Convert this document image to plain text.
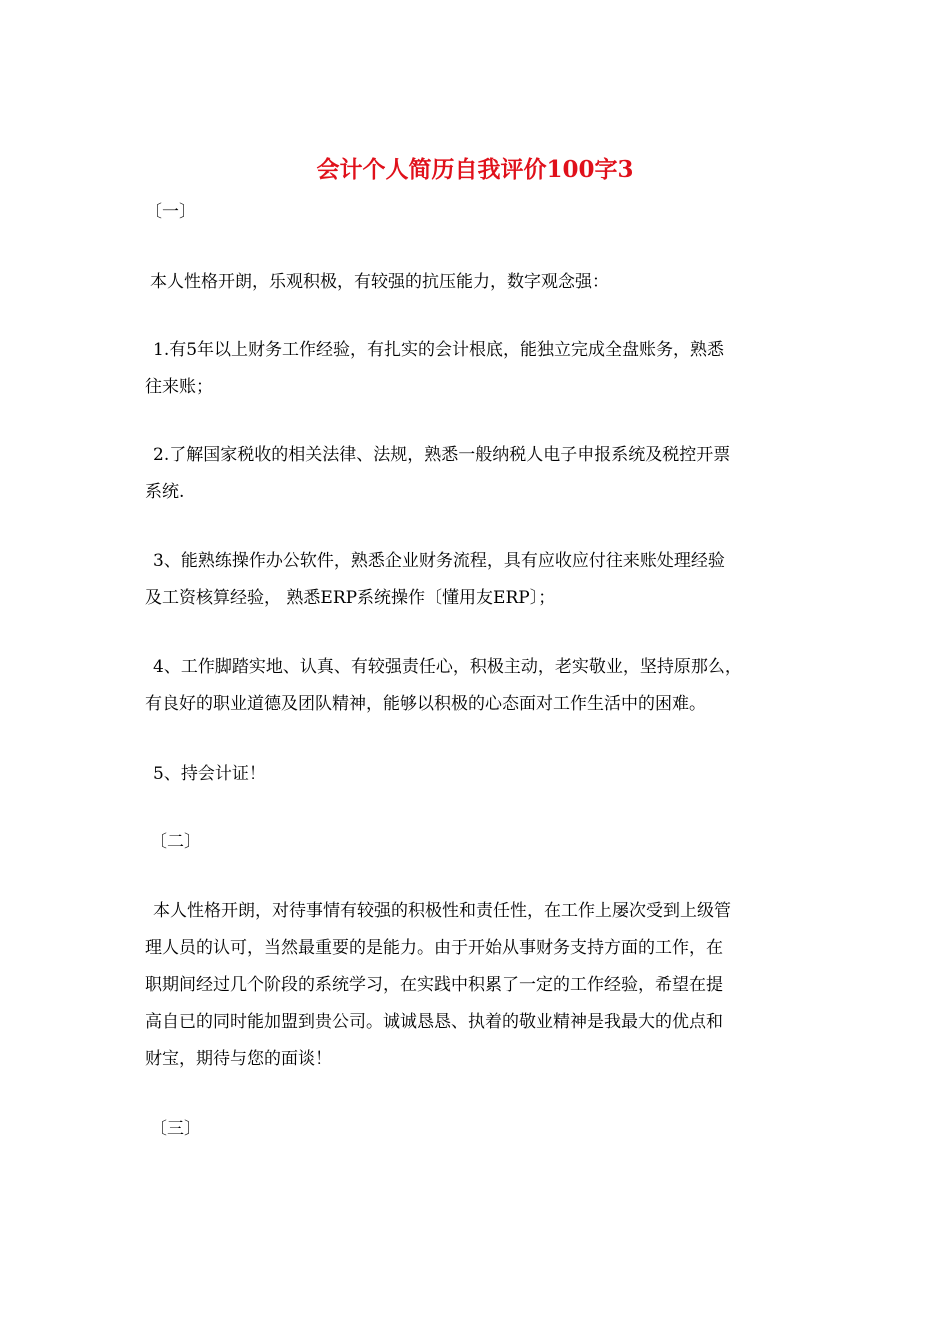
会计个人简历自我评价100字3
〔一〕
本人性格开朗，乐观积极，有较强的抗压能力，数字观念强：
1.有5年以上财务工作经验，有扎实的会计根底，能独立完成全盘账务，熟悉
往来账；
2.了解国家税收的相关法律、法规，熟悉一般纳税人电子申报系统及税控开票
系统.
3、能熟练操作办公软件，熟悉企业财务流程，具有应收应付往来账处理经验
及工资核算经验， 熟悉ERP系统操作〔懂用友ERP〕；
4、工作脚踏实地、认真、有较强责任心，积极主动，老实敬业，坚持原那么，
有良好的职业道德及团队精神，能够以积极的心态面对工作生活中的困难。
5、持会计证！
〔二〕
本人性格开朗，对待事情有较强的积极性和责任性，在工作上屡次受到上级管
理人员的认可，当然最重要的是能力。由于开始从事财务支持方面的工作，在
职期间经过几个阶段的系统学习，在实践中积累了一定的工作经验，希望在提
高自已的同时能加盟到贵公司。诚诚恳恳、执着的敬业精神是我最大的优点和
财宝，期待与您的面谈！
〔三〕
